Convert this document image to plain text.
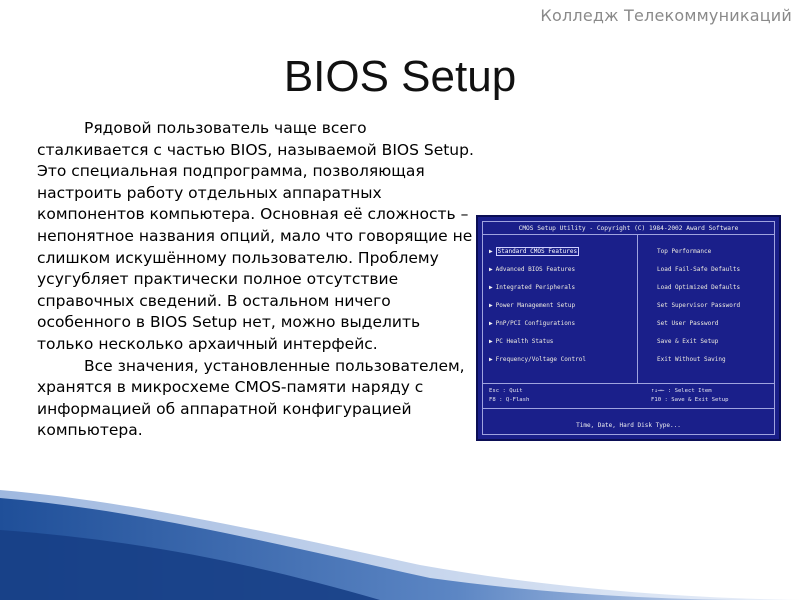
Колледж Телекоммуникаций
BIOS Setup

Рядовой пользователь чаще всего сталкивается с частью BIOS, называемой BIOS Setup. Это специальная подпрограмма, позволяющая настроить работу отдельных аппаратных компонентов компьютера. Основная её сложность – непонятное названия опций, мало что говорящие не слишком искушённому пользователю. Проблему усугубляет практически полное отсутствие справочных сведений. В остальном ничего особенного в BIOS Setup нет, можно выделить только несколько архаичный интерфейс.

Все значения, установленные пользователем, хранятся в микросхеме CMOS-памяти наряду с информацией об аппаратной конфигурацией компьютера.

CMOS Setup Utility - Copyright (C) 1984-2002 Award Software
▶ Standard CMOS Features
▶ Advanced BIOS Features
▶ Integrated Peripherals
▶ Power Management Setup
▶ PnP/PCI Configurations
▶ PC Health Status
▶ Frequency/Voltage Control
Top Performance
Load Fail-Safe Defaults
Load Optimized Defaults
Set Supervisor Password
Set User Password
Save & Exit Setup
Exit Without Saving
Esc : Quit	↑↓→← : Select Item
F8 : Q-Flash	F10 : Save & Exit Setup
Time, Date, Hard Disk Type...
